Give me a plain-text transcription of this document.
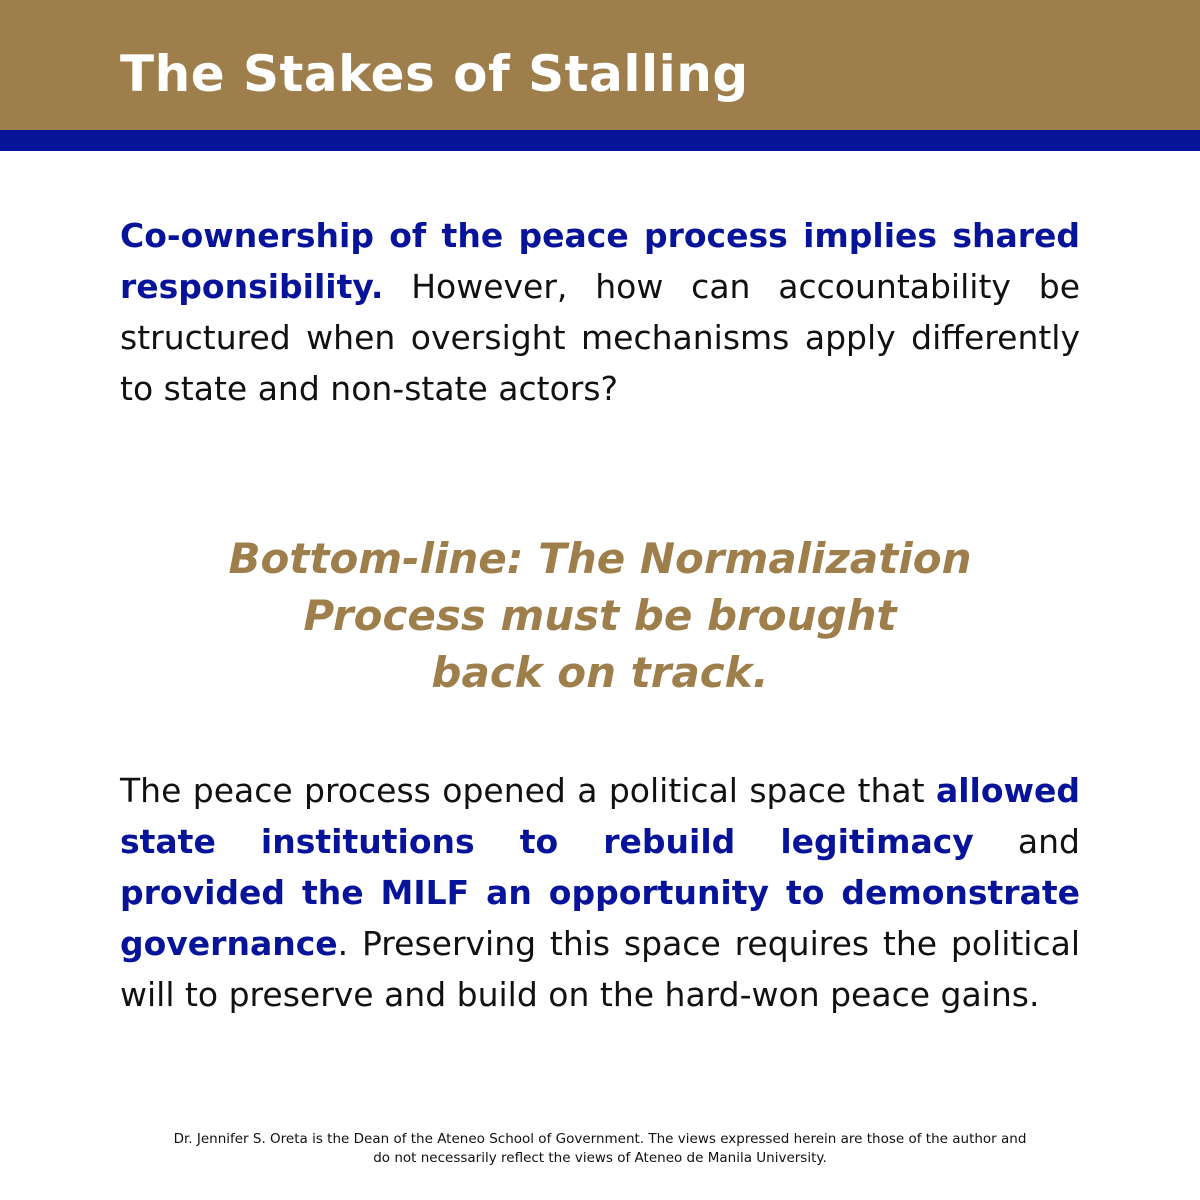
The Stakes of Stalling

Co-ownership of the peace process implies shared responsibility. However, how can accountability be structured when oversight mechanisms apply differently to state and non-state actors?

Bottom-line: The Normalization
Process must be brought
back on track.

The peace process opened a political space that allowed state institutions to rebuild legitimacy and provided the MILF an opportunity to demonstrate governance. Preserving this space requires the political will to preserve and build on the hard-won peace gains.

Dr. Jennifer S. Oreta is the Dean of the Ateneo School of Government. The views expressed herein are those of the author and
do not necessarily reflect the views of Ateneo de Manila University.
